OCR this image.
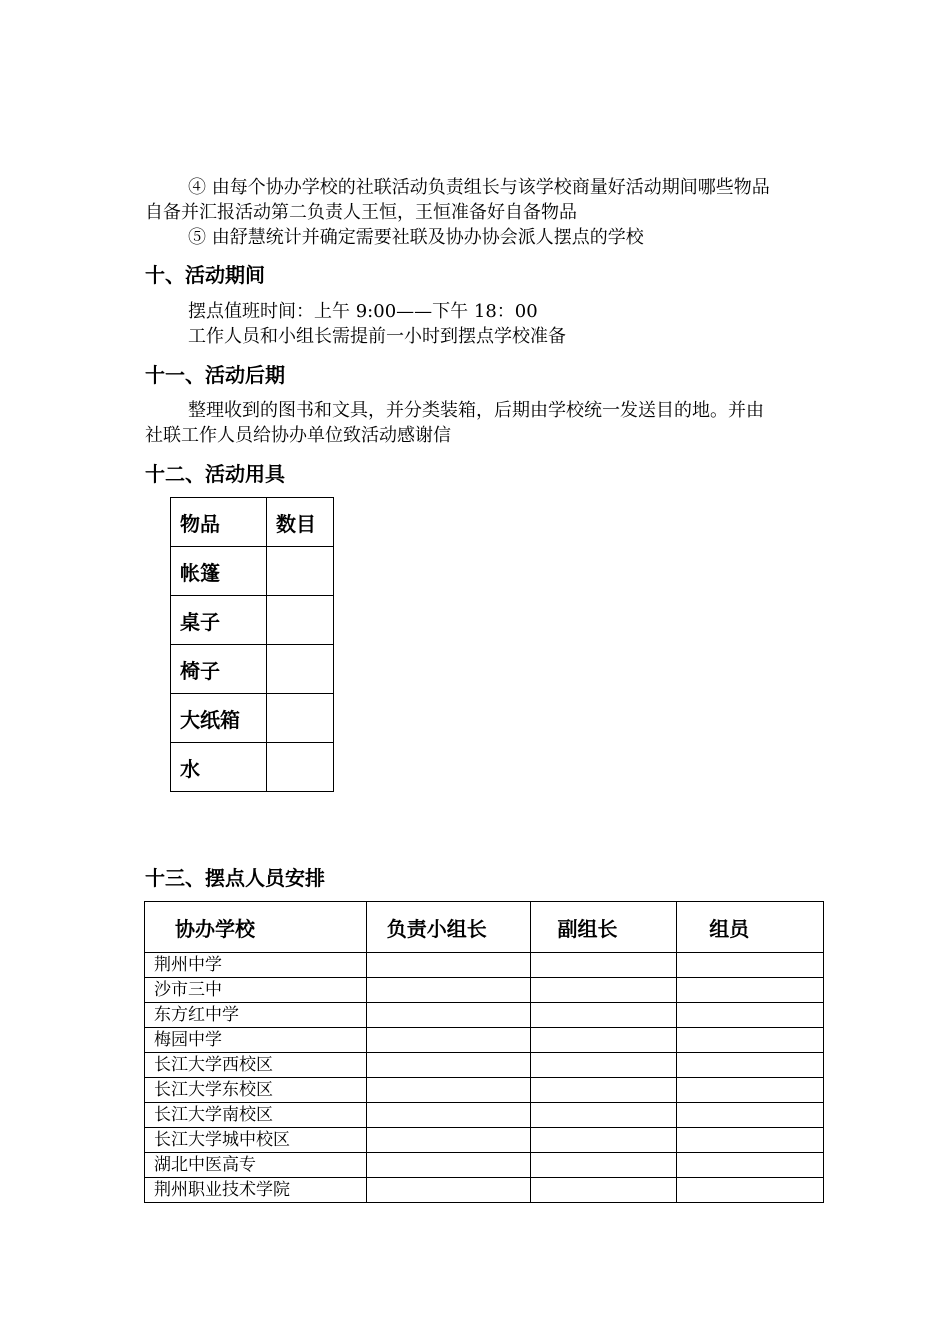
④ 由每个协办学校的社联活动负责组长与该学校商量好活动期间哪些物品
自备并汇报活动第二负责人王恒，王恒准备好自备物品
⑤ 由舒慧统计并确定需要社联及协办协会派人摆点的学校
十、活动期间
摆点值班时间：上午 9:00——下午 18：00
工作人员和小组长需提前一小时到摆点学校准备
十一、活动后期
整理收到的图书和文具，并分类装箱，后期由学校统一发送目的地。并由
社联工作人员给协办单位致活动感谢信
十二、活动用具
物品	数目
帐篷	
桌子	
椅子	
大纸箱	
水	
十三、摆点人员安排
协办学校	负责小组长	副组长	组员
荆州中学			
沙市三中			
东方红中学			
梅园中学			
长江大学西校区			
长江大学东校区			
长江大学南校区			
长江大学城中校区			
湖北中医高专			
荆州职业技术学院			
